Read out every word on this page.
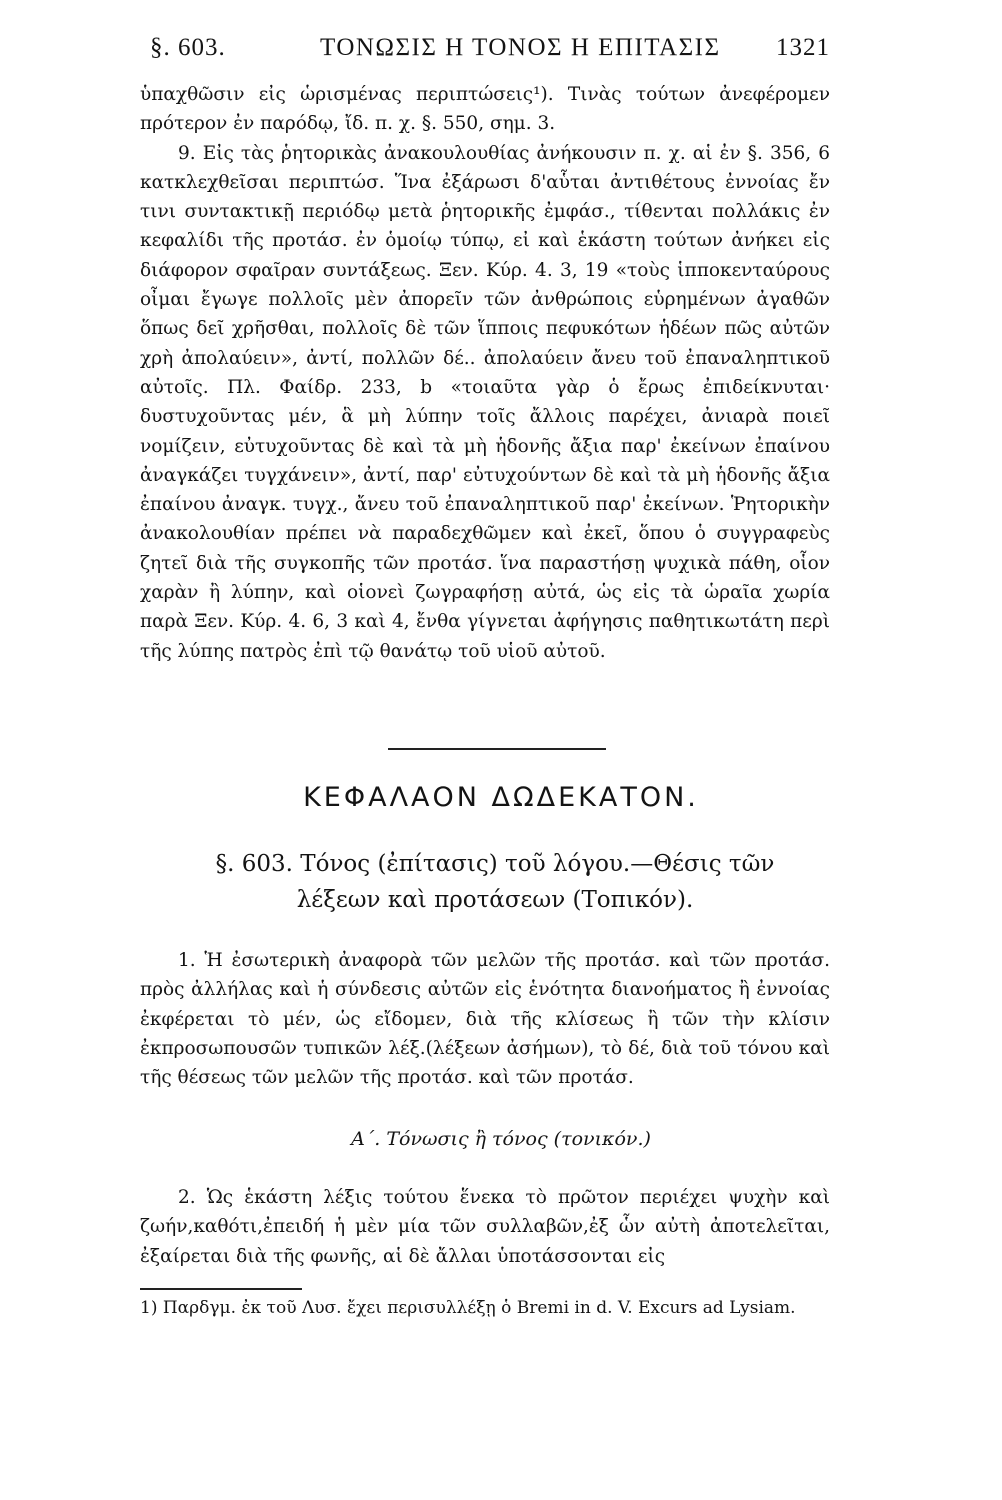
§. 603.	ΤΟΝΩΣΙΣ Η ΤΟΝΟΣ Η ΕΠΙΤΑΣΙΣ 1321

ὑπαχθῶσιν εἰς ὡρισμένας περιπτώσεις¹). Τινὰς τούτων ἀνεφέρομεν πρότερον ἐν παρόδῳ, ἴδ. π. χ. §. 550, σημ. 3.

9. Εἰς τὰς ῥητορικὰς ἀνακουλουθίας ἀνήκουσιν π. χ. αἱ ἐν §. 356, 6 κατκλεχθεῖσαι περιπτώσ. Ἵνα ἐξάρωσι δ'αὗται ἀντιθέτους ἐννοίας ἔν τινι συντακτικῇ περιόδῳ μετὰ ῥητορικῆς ἐμφάσ., τίθενται πολλάκις ἐν κεφαλίδι τῆς προτάσ. ἐν ὁμοίῳ τύπῳ, εἰ καὶ ἑκάστη τούτων ἀνήκει εἰς διάφορον σφαῖραν συντάξεως. Ξεν. Κύρ. 4. 3, 19 «τοὺς ἱπποκενταύρους οἶμαι ἔγωγε πολλοῖς μὲν ἀπορεῖν τῶν ἀνθρώποις εὑρημένων ἀγαθῶν ὅπως δεῖ χρῆσθαι, πολλοῖς δὲ τῶν ἵπποις πεφυκότων ἡδέων πῶς αὐτῶν χρὴ ἀπολαύειν», ἀντί, πολλῶν δέ.. ἀπολαύειν ἄνευ τοῦ ἐπαναληπτικοῦ αὐτοῖς. Πλ. Φαίδρ. 233, b «τοιαῦτα γὰρ ὁ ἔρως ἐπιδείκνυται· δυστυχοῦντας μέν, ἃ μὴ λύπην τοῖς ἄλλοις παρέχει, ἀνιαρὰ ποιεῖ νομίζειν, εὐτυχοῦντας δὲ καὶ τὰ μὴ ἡδονῆς ἄξια παρ' ἐκείνων ἐπαίνου ἀναγκάζει τυγχάνειν», ἀντί, παρ' εὐτυχούντων δὲ καὶ τὰ μὴ ἡδονῆς ἄξια ἐπαίνου ἀναγκ. τυγχ., ἄνευ τοῦ ἐπαναληπτικοῦ παρ' ἐκείνων. Ῥητορικὴν ἀνακολουθίαν πρέπει νὰ παραδεχθῶμεν καὶ ἐκεῖ, ὅπου ὁ συγγραφεὺς ζητεῖ διὰ τῆς συγκοπῆς τῶν προτάσ. ἵνα παραστήσῃ ψυχικὰ πάθη, οἷον χαρὰν ἢ λύπην, καὶ οἱονεὶ ζωγραφήσῃ αὐτά, ὡς εἰς τὰ ὡραῖα χωρία παρὰ Ξεν. Κύρ. 4. 6, 3 καὶ 4, ἔνθα γίγνεται ἀφήγησις παθητικωτάτη περὶ τῆς λύπης πατρὸς ἐπὶ τῷ θανάτῳ τοῦ υἱοῦ αὐτοῦ.

ΚΕΦΑΛΑΟΝ ΔΩΔΕΚΑΤΟΝ.
§. 603. Τόνος (ἐπίτασις) τοῦ λόγου.—Θέσις τῶν
λέξεων καὶ προτάσεων (Τοπικόν).

1. Ἡ ἐσωτερικὴ ἀναφορὰ τῶν μελῶν τῆς προτάσ. καὶ τῶν προτάσ. πρὸς ἀλλήλας καὶ ἡ σύνδεσις αὐτῶν εἰς ἑνότητα διανοήματος ἢ ἐννοίας ἐκφέρεται τὸ μέν, ὡς εἴδομεν, διὰ τῆς κλίσεως ἢ τῶν τὴν κλίσιν ἐκπροσωπουσῶν τυπικῶν λέξ.(λέξεων ἀσήμων), τὸ δέ, διὰ τοῦ τόνου καὶ τῆς θέσεως τῶν μελῶν τῆς προτάσ. καὶ τῶν προτάσ.

Α΄. Τόνωσις ἢ τόνος (τονικόν.)

2. Ὡς ἑκάστη λέξις τούτου ἕνεκα τὸ πρῶτον περιέχει ψυχὴν καὶ ζωήν,καθότι,ἐπειδή ἡ μὲν μία τῶν συλλαβῶν,ἐξ ὧν αὐτὴ ἀποτελεῖται, ἐξαίρεται διὰ τῆς φωνῆς, αἱ δὲ ἄλλαι ὑποτάσσονται εἰς

1) Παρδγμ. ἐκ τοῦ Λυσ. ἔχει περισυλλέξῃ ὁ Bremi in d. V. Excurs ad Lysiam.
